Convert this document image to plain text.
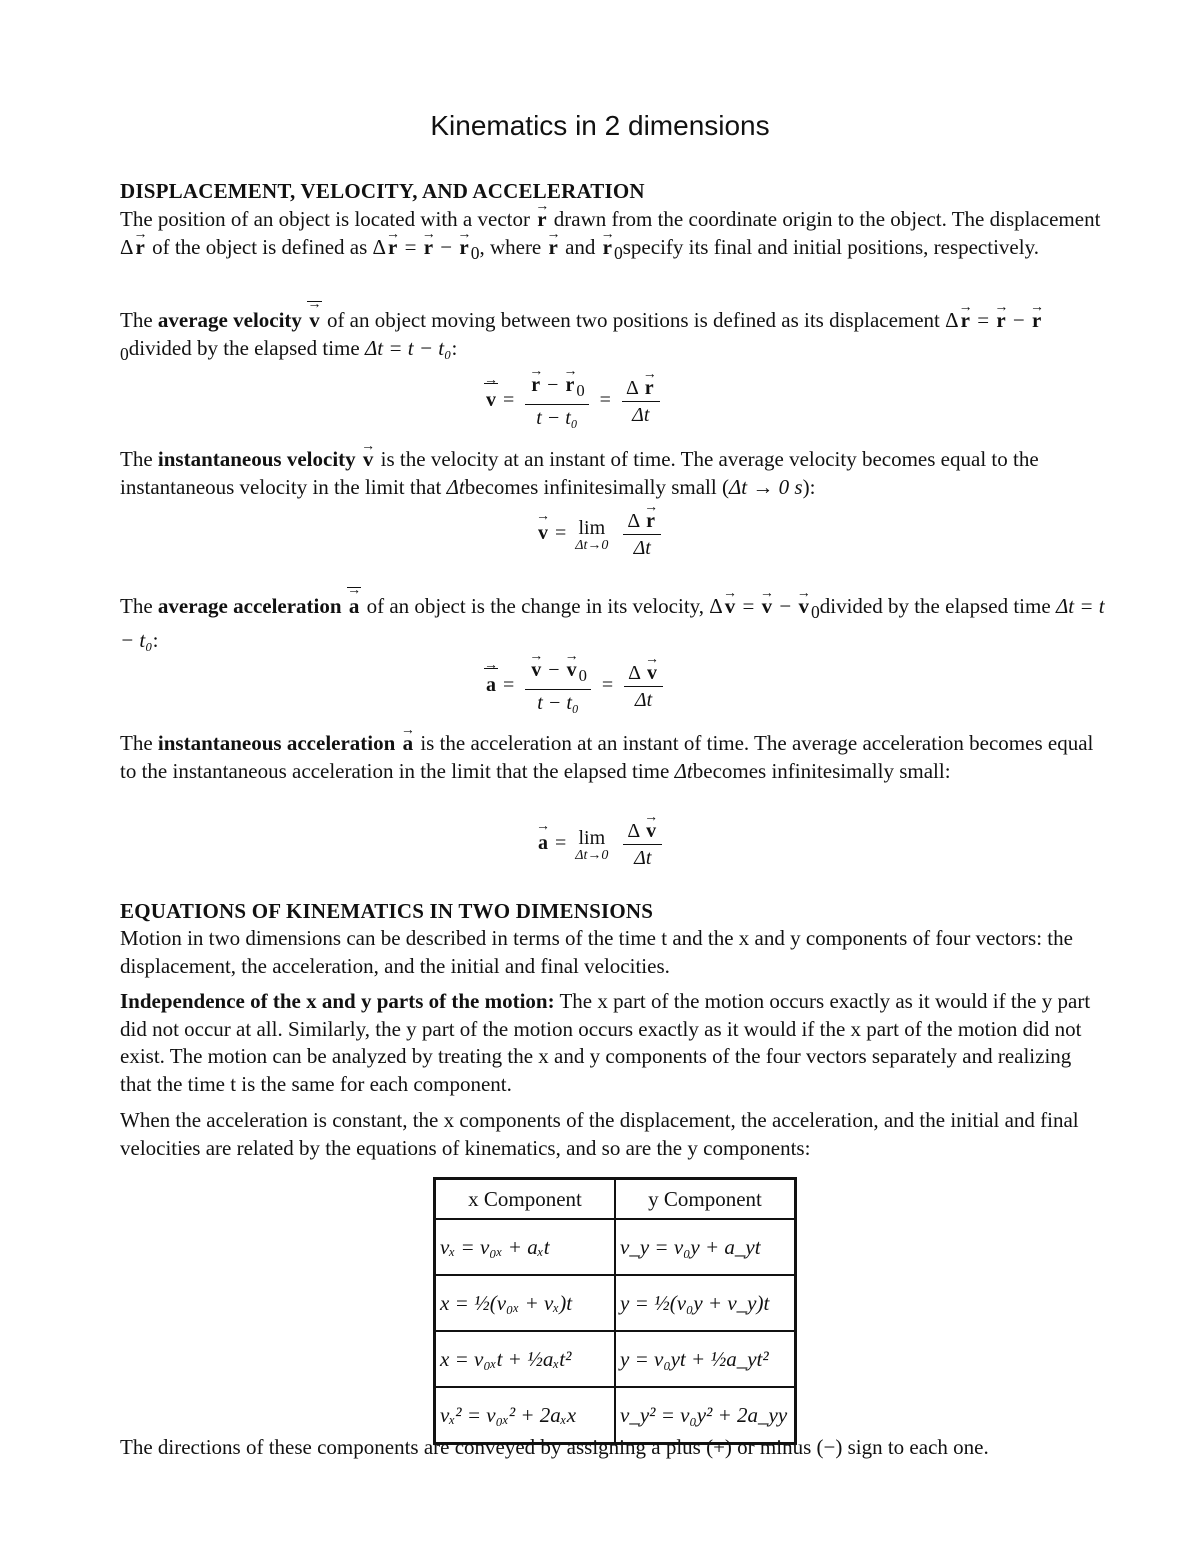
Kinematics in 2 dimensions
DISPLACEMENT, VELOCITY, AND ACCELERATION
The position of an object is located with a vector → r drawn from the coordinate origin to the object. The displacement Δ→ r of the object is defined as Δ→ r = → r − → r $_0$, where → r and → r $_0$specify its final and initial positions, respectively.
The average velocity → v of an object moving between two positions is defined as its displacement Δ→ r = → r − → $r_0divided$ by the elapsed time Δt = t − t₀:
→ v = → $\frac{r - \to r _0}{\text{t − t₀}} = \frac{\Delta \to r}{\Delta t}$
The instantaneous velocity → v is the velocity at an instant of time. The average velocity becomes equal to the instantaneous velocity in the limit that Δtbecomes infinitesimally small (Δt → 0 s):
→ v = lim
Δt→0
$\frac{\Delta \to r}{\Delta t}$
The average acceleration → a of an object is the change in its velocity, Δ→ v = → v − → v $_0$divided by the elapsed time Δt = t − t₀:
→ a = → $\frac{v - \to v _0}{\text{t − t₀}} = \frac{\Delta \to v}{\Delta t}$
The instantaneous acceleration → a is the acceleration at an instant of time. The average acceleration becomes equal to the instantaneous acceleration in the limit that the elapsed time Δtbecomes infinitesimally small:
→ a = lim
Δt→0
$\frac{\Delta \to v}{\Delta t}$
EQUATIONS OF KINEMATICS IN TWO DIMENSIONS
Motion in two dimensions can be described in terms of the time t and the x and y components of four vectors: the displacement, the acceleration, and the initial and final velocities.
Independence of the x and y parts of the motion: The x part of the motion occurs exactly as it would if the y part did not occur at all. Similarly, the y part of the motion occurs exactly as it would if the x part of the motion did not exist. The motion can be analyzed by treating the x and y components of the four vectors separately and realizing that the time t is the same for each component.
When the acceleration is constant, the x components of the displacement, the acceleration, and the initial and final velocities are related by the equations of kinematics, and so are the y components:
x Component	y Component
vₓ = v₀ₓ + aₓt	v_y = v₀y + a_yt
x = ½(v₀ₓ + vₓ)t	y = ½(v₀y + v_y)t
x = v₀ₓt + ½aₓt²	y = v₀yt + ½a_yt²
vₓ² = v₀ₓ² + 2aₓx	v_y² = v₀y² + 2a_yy
The directions of these components are conveyed by assigning a plus (+) or minus (−) sign to each one.
